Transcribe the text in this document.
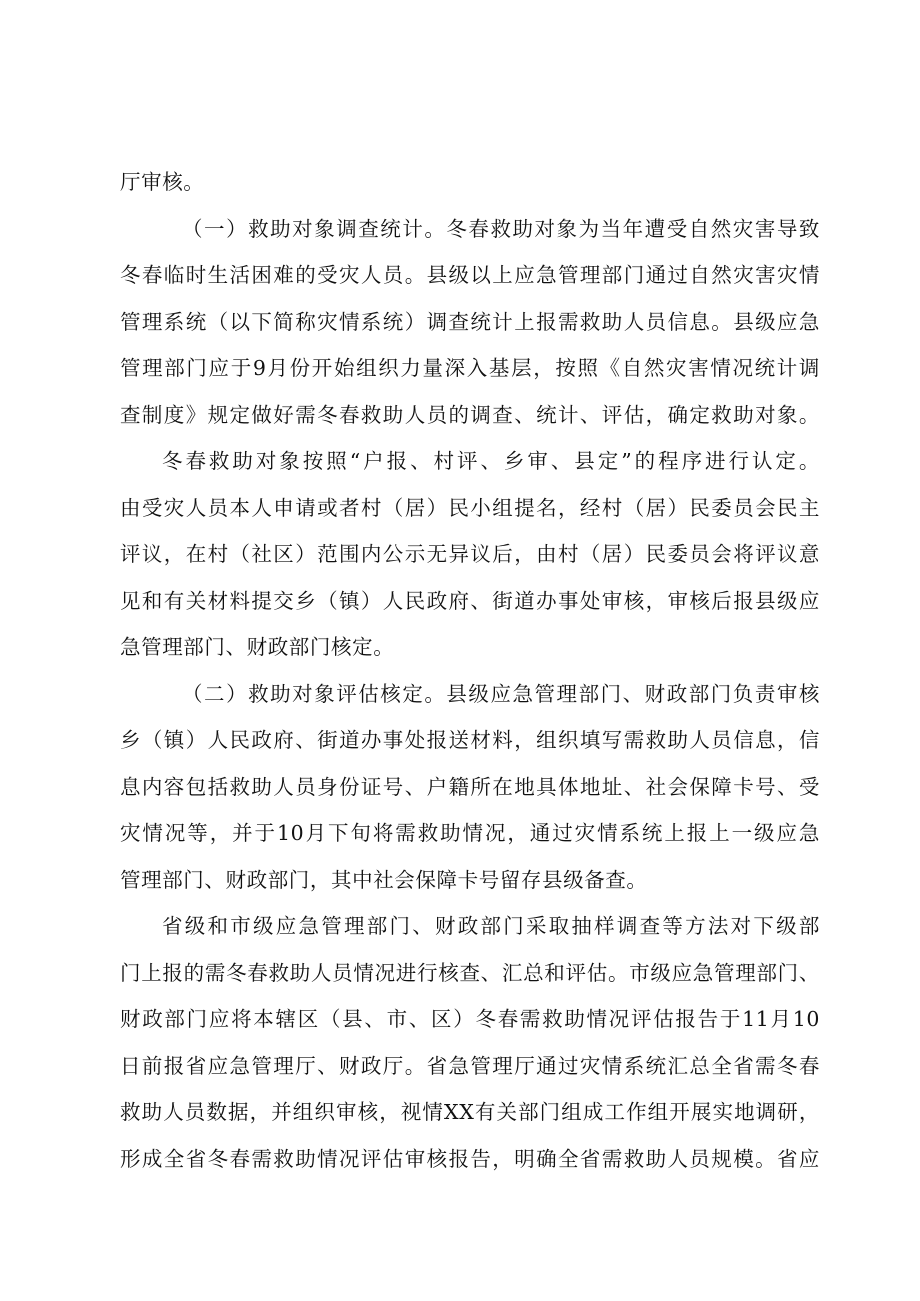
厅审核。
（一）救助对象调查统计。冬春救助对象为当年遭受自然灾害导致
冬春临时生活困难的受灾人员。县级以上应急管理部门通过自然灾害灾情
管理系统（以下简称灾情系统）调查统计上报需救助人员信息。县级应急
管理部门应于9月份开始组织力量深入基层，按照《自然灾害情况统计调
查制度》规定做好需冬春救助人员的调查、统计、评估，确定救助对象。
冬春救助对象按照“户报、村评、乡审、县定”的程序进行认定。
由受灾人员本人申请或者村（居）民小组提名，经村（居）民委员会民主
评议，在村（社区）范围内公示无异议后，由村（居）民委员会将评议意
见和有关材料提交乡（镇）人民政府、街道办事处审核，审核后报县级应
急管理部门、财政部门核定。
（二）救助对象评估核定。县级应急管理部门、财政部门负责审核
乡（镇）人民政府、街道办事处报送材料，组织填写需救助人员信息，信
息内容包括救助人员身份证号、户籍所在地具体地址、社会保障卡号、受
灾情况等，并于10月下旬将需救助情况，通过灾情系统上报上一级应急
管理部门、财政部门，其中社会保障卡号留存县级备查。
省级和市级应急管理部门、财政部门采取抽样调查等方法对下级部
门上报的需冬春救助人员情况进行核查、汇总和评估。市级应急管理部门、
财政部门应将本辖区（县、市、区）冬春需救助情况评估报告于11月10
日前报省应急管理厅、财政厅。省急管理厅通过灾情系统汇总全省需冬春
救助人员数据，并组织审核，视情XX有关部门组成工作组开展实地调研，
形成全省冬春需救助情况评估审核报告，明确全省需救助人员规模。省应
